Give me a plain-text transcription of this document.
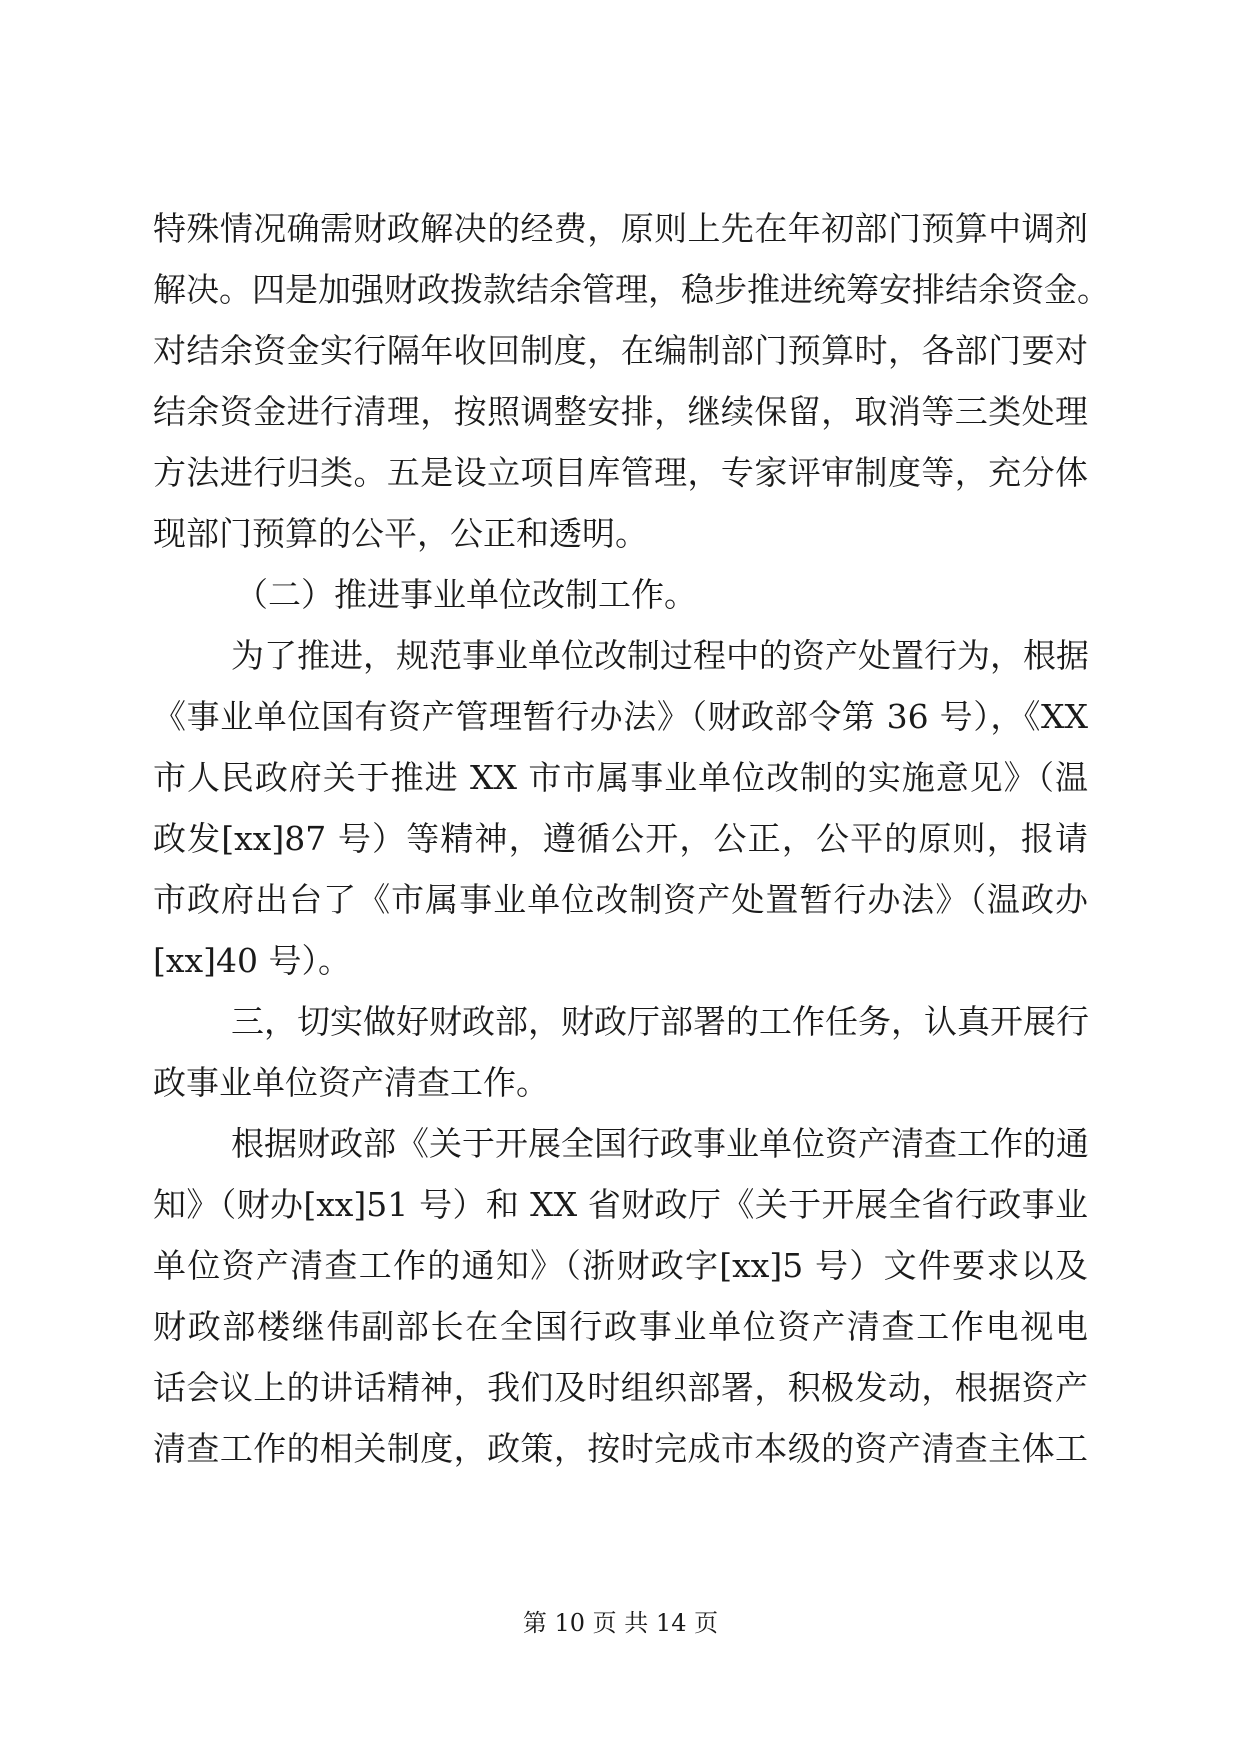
特殊情况确需财政解决的经费，原则上先在年初部门预算中调剂
解决。四是加强财政拨款结余管理，稳步推进统筹安排结余资金。
对结余资金实行隔年收回制度，在编制部门预算时，各部门要对
结余资金进行清理，按照调整安排，继续保留，取消等三类处理
方法进行归类。五是设立项目库管理，专家评审制度等，充分体
现部门预算的公平，公正和透明。
（二）推进事业单位改制工作。
为了推进，规范事业单位改制过程中的资产处置行为，根据
《事业单位国有资产管理暂行办法》（财政部令第 36 号），《XX
市人民政府关于推进 XX 市市属事业单位改制的实施意见》（温
政发[xx]87 号）等精神，遵循公开，公正，公平的原则，报请
市政府出台了《市属事业单位改制资产处置暂行办法》（温政办
[xx]40 号）。
三，切实做好财政部，财政厅部署的工作任务，认真开展行
政事业单位资产清查工作。
根据财政部《关于开展全国行政事业单位资产清查工作的通
知》（财办[xx]51 号）和 XX 省财政厅《关于开展全省行政事业
单位资产清查工作的通知》（浙财政字[xx]5 号）文件要求以及
财政部楼继伟副部长在全国行政事业单位资产清查工作电视电
话会议上的讲话精神，我们及时组织部署，积极发动，根据资产
清查工作的相关制度，政策，按时完成市本级的资产清查主体工
第 10 页 共 14 页
